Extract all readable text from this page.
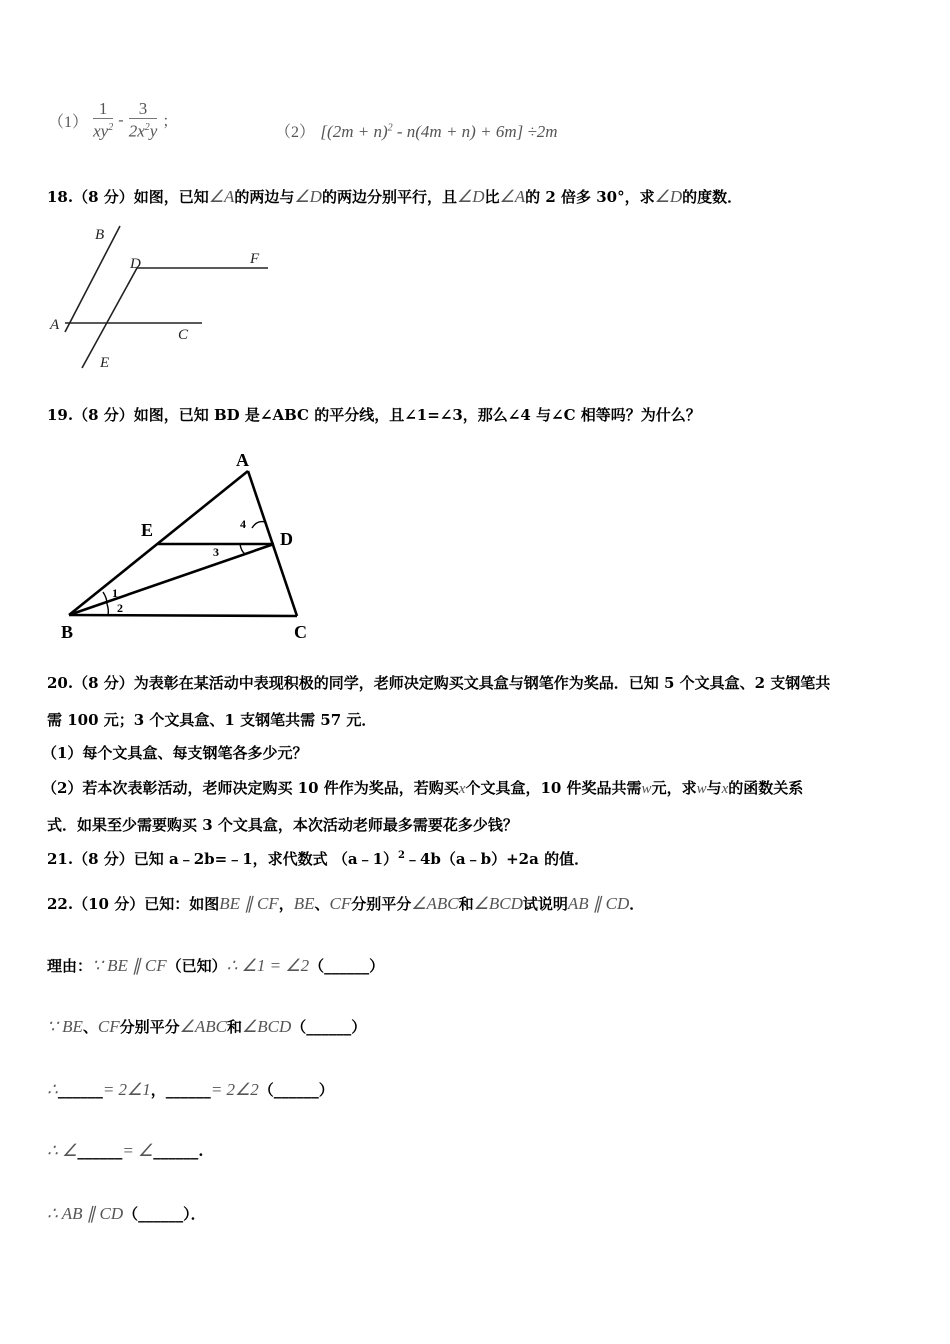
$(1) \frac{1}{xy^2} - \frac{3}{2x^2y}$ ；
（2） $[(2m + n)^2 - n(4m + n) + 6m] \div 2m$
18.（8 分）如图，已知∠A的两边与∠D的两边分别平行，且∠D比∠A的 2 倍多 30°，求∠D的度数．
B
D	F
A
C
E
19.（8 分）如图，已知 BD 是∠ABC 的平分线，且∠1=∠3，那么∠4 与∠C 相等吗？为什么？
A
E	D
B	C
4
3
1
2
20.（8 分）为表彰在某活动中表现积极的同学，老师决定购买文具盒与钢笔作为奖品．已知 5 个文具盒、2 支钢笔共
需 100 元；3 个文具盒、1 支钢笔共需 57 元．
（1）每个文具盒、每支钢笔各多少元？
（2）若本次表彰活动，老师决定购买 10 件作为奖品，若购买x个文具盒，10 件奖品共需w元，求w与x的函数关系
式．如果至少需要购买 3 个文具盒，本次活动老师最多需要花多少钱？
21.（8 分）已知 a﹣2b=﹣1，求代数式 （a﹣1）$^2$﹣4b（a﹣b）+2a 的值．
22.（10 分）已知：如图BE ∥ CF，BE、CF分别平分∠ABC和∠BCD试说明AB ∥ CD．
理由：∵ BE ∥ CF（已知）∴ ∠1 = ∠2（______）
∵ BE、CF分别平分∠ABC和∠BCD（______）
∴______= 2∠1，______= 2∠2（______）
∴ ∠______= ∠______.
∴ AB ∥ CD（______）．
